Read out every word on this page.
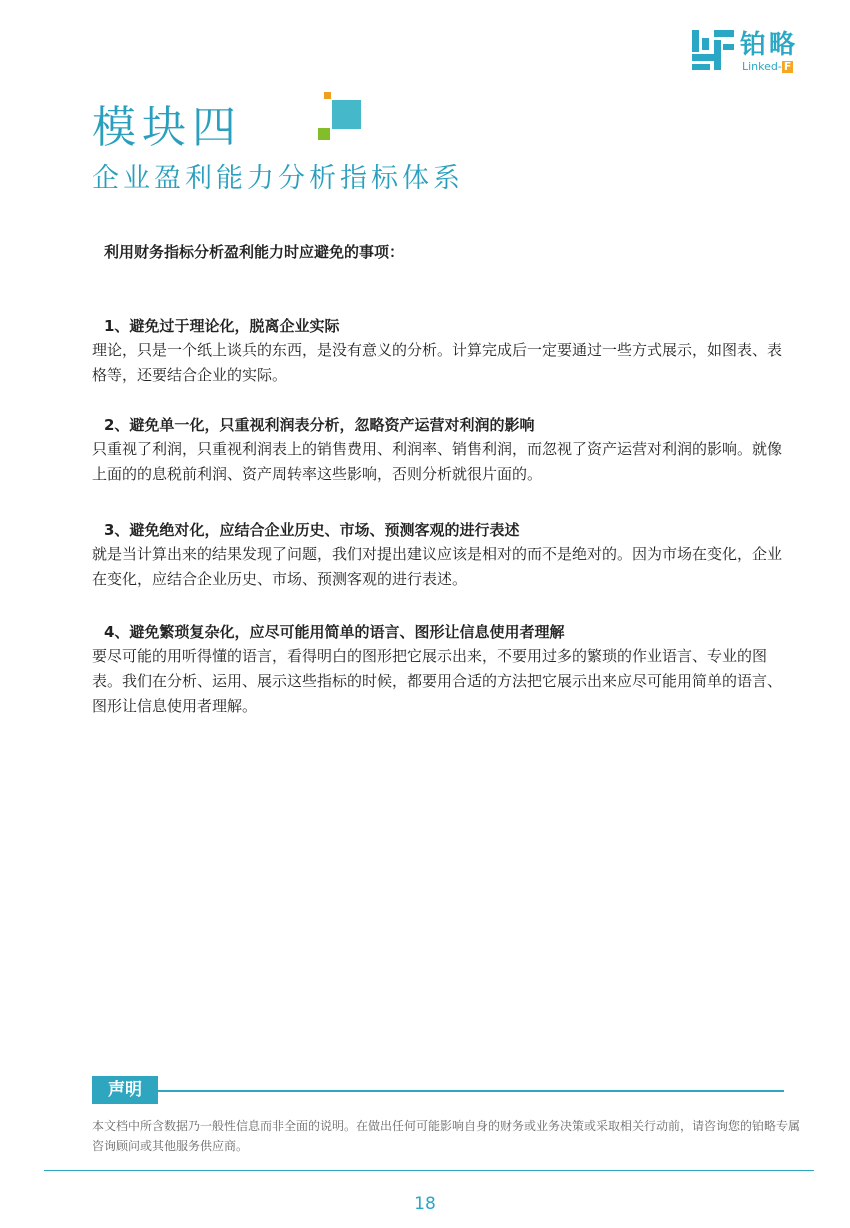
铂略
Linked- F
模块四
企业盈利能力分析指标体系
利用财务指标分析盈利能力时应避免的事项：
1、避免过于理论化，脱离企业实际
理论，只是一个纸上谈兵的东西，是没有意义的分析。计算完成后一定要通过一些方式展示，如图表、表格等，还要结合企业的实际。
2、避免单一化，只重视利润表分析，忽略资产运营对利润的影响
只重视了利润，只重视利润表上的销售费用、利润率、销售利润，而忽视了资产运营对利润的影响。就像上面的的息税前利润、资产周转率这些影响，否则分析就很片面的。
3、避免绝对化，应结合企业历史、市场、预测客观的进行表述
就是当计算出来的结果发现了问题，我们对提出建议应该是相对的而不是绝对的。因为市场在变化，企业在变化，应结合企业历史、市场、预测客观的进行表述。
4、避免繁琐复杂化，应尽可能用简单的语言、图形让信息使用者理解
要尽可能的用听得懂的语言，看得明白的图形把它展示出来，不要用过多的繁琐的作业语言、专业的图表。我们在分析、运用、展示这些指标的时候，都要用合适的方法把它展示出来应尽可能用简单的语言、图形让信息使用者理解。
声明
本文档中所含数据乃一般性信息而非全面的说明。在做出任何可能影响自身的财务或业务决策或采取相关行动前，请咨询您的铂略专属咨询顾问或其他服务供应商。
18
